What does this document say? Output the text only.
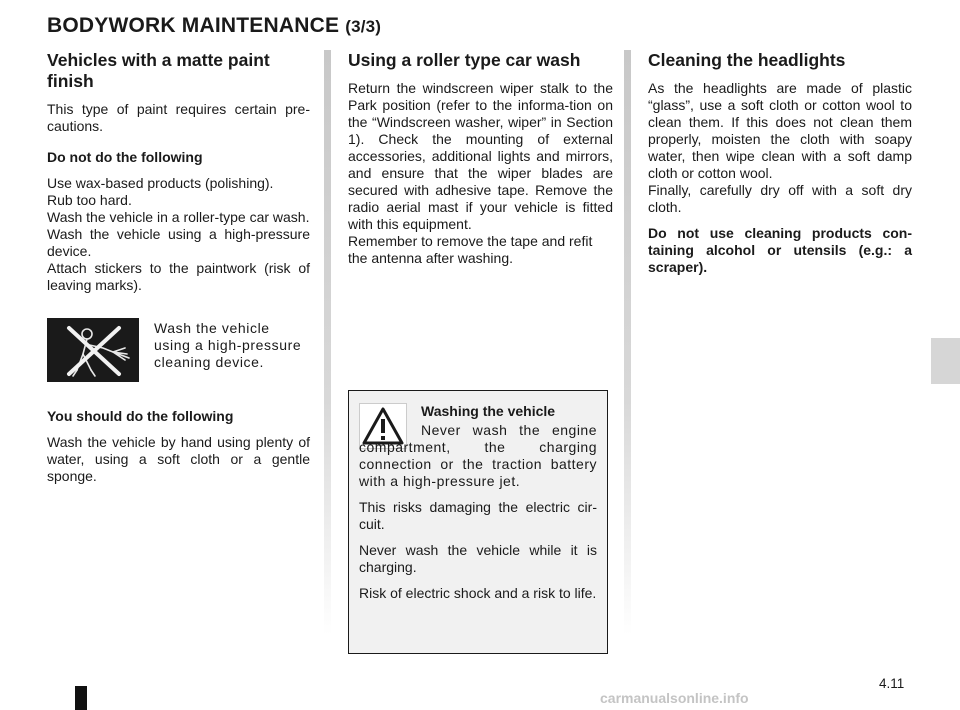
BODYWORK MAINTENANCE (3/3)
Vehicles with a matte paint finish

This type of paint requires certain pre-cautions.

Do not do the following

Use wax-based products (polishing).
Rub too hard.
Wash the vehicle in a roller-type car wash.
Wash the vehicle using a high-pressure device.
Attach stickers to the paintwork (risk of leaving marks).

Wash the vehicle
using a high-pressure
cleaning device.

You should do the following

Wash the vehicle by hand using plenty of water, using a soft cloth or a gentle sponge.

Using a roller type car wash

Return the windscreen wiper stalk to the Park position (refer to the informa-tion on the “Windscreen washer, wiper” in Section 1). Check the mounting of external accessories, additional lights and mirrors, and ensure that the wiper blades are secured with adhesive tape. Remove the radio aerial mast if your vehicle is fitted with this equipment.

Remember to remove the tape and refit the antenna after washing.

Washing the vehicle

Never wash the engine compartment, the charging connection or the traction battery with a high-pressure jet.

This risks damaging the electric cir-cuit.

Never wash the vehicle while it is charging.

Risk of electric shock and a risk to life.

Cleaning the headlights

As the headlights are made of plastic “glass”, use a soft cloth or cotton wool to clean them. If this does not clean them properly, moisten the cloth with soapy water, then wipe clean with a soft damp cloth or cotton wool.

Finally, carefully dry off with a soft dry cloth.

Do not use cleaning products con-taining alcohol or utensils (e.g.: a scraper).

4.11
carmanualsonline.info
